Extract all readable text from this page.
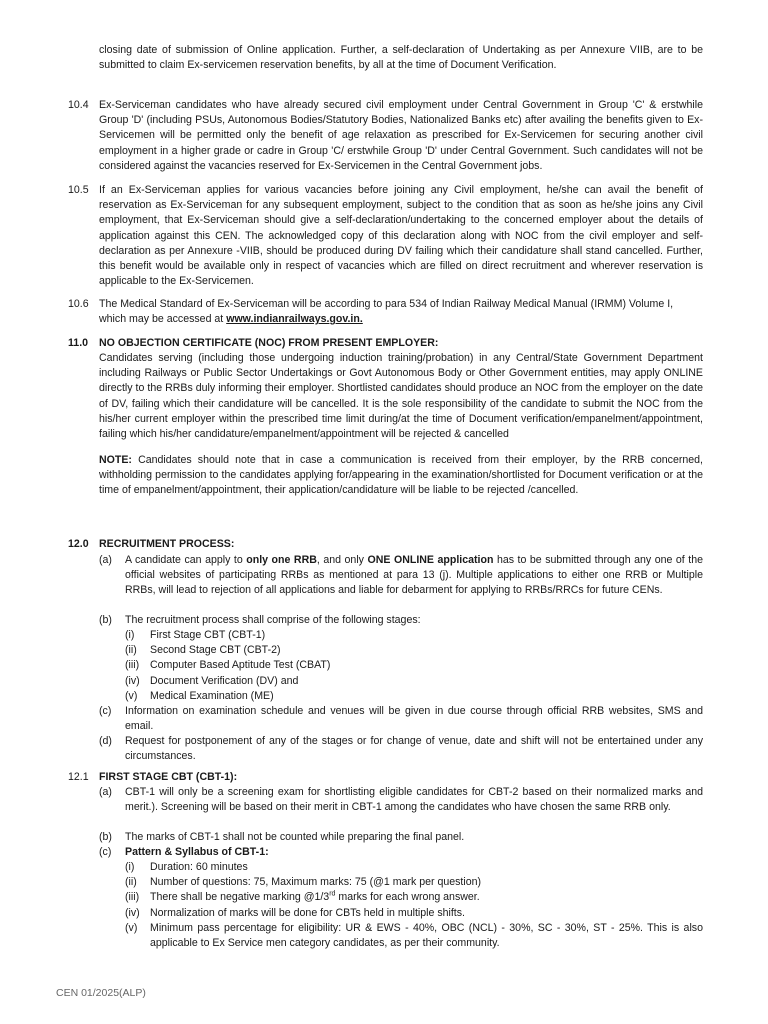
closing date of submission of Online application. Further, a self-declaration of Undertaking as per Annexure VIIB, are to be submitted to claim Ex-servicemen reservation benefits, by all at the time of Document Verification.
10.4 Ex-Serviceman candidates who have already secured civil employment under Central Government in Group 'C' & erstwhile Group 'D' (including PSUs, Autonomous Bodies/Statutory Bodies, Nationalized Banks etc) after availing the benefits given to Ex-Servicemen will be permitted only the benefit of age relaxation as prescribed for Ex-Servicemen for securing another civil employment in a higher grade or cadre in Group 'C/ erstwhile Group 'D' under Central Government. Such candidates will not be considered against the vacancies reserved for Ex-Servicemen in the Central Government jobs.
10.5 If an Ex-Serviceman applies for various vacancies before joining any Civil employment, he/she can avail the benefit of reservation as Ex-Serviceman for any subsequent employment, subject to the condition that as soon as he/she joins any Civil employment, that Ex-Serviceman should give a self-declaration/undertaking to the concerned employer about the details of application against this CEN. The acknowledged copy of this declaration along with NOC from the civil employer and self-declaration as per Annexure -VIIB, should be produced during DV failing which their candidature shall stand cancelled. Further, this benefit would be available only in respect of vacancies which are filled on direct recruitment and wherever reservation is applicable to the Ex-Servicemen.
10.6 The Medical Standard of Ex-Serviceman will be according to para 534 of Indian Railway Medical Manual (IRMM) Volume I, which may be accessed at www.indianrailways.gov.in.
11.0 NO OBJECTION CERTIFICATE (NOC) FROM PRESENT EMPLOYER:
Candidates serving (including those undergoing induction training/probation) in any Central/State Government Department including Railways or Public Sector Undertakings or Govt Autonomous Body or Other Government entities, may apply ONLINE directly to the RRBs duly informing their employer. Shortlisted candidates should produce an NOC from the employer on the date of DV, failing which their candidature will be cancelled. It is the sole responsibility of the candidate to submit the NOC from the his/her current employer within the prescribed time limit during/at the time of Document verification/empanelment/appointment, failing which his/her candidature/empanelment/appointment will be rejected & cancelled
NOTE: Candidates should note that in case a communication is received from their employer, by the RRB concerned, withholding permission to the candidates applying for/appearing in the examination/shortlisted for Document verification or at the time of empanelment/appointment, their application/candidature will be liable to be rejected /cancelled.
12.0 RECRUITMENT PROCESS:
(a) A candidate can apply to only one RRB, and only ONE ONLINE application has to be submitted through any one of the official websites of participating RRBs as mentioned at para 13 (j). Multiple applications to either one RRB or Multiple RRBs, will lead to rejection of all applications and liable for debarment for applying to RRBs/RRCs for future CENs.
(b) The recruitment process shall comprise of the following stages:
(i) First Stage CBT (CBT-1)
(ii) Second Stage CBT (CBT-2)
(iii) Computer Based Aptitude Test (CBAT)
(iv) Document Verification (DV) and
(v) Medical Examination (ME)
(c) Information on examination schedule and venues will be given in due course through official RRB websites, SMS and email.
(d) Request for postponement of any of the stages or for change of venue, date and shift will not be entertained under any circumstances.
12.1 FIRST STAGE CBT (CBT-1):
(a) CBT-1 will only be a screening exam for shortlisting eligible candidates for CBT-2 based on their normalized marks and merit.). Screening will be based on their merit in CBT-1 among the candidates who have chosen the same RRB only.
(b) The marks of CBT-1 shall not be counted while preparing the final panel.
(c) Pattern & Syllabus of CBT-1:
(i) Duration: 60 minutes
(ii) Number of questions: 75, Maximum marks: 75 (@1 mark per question)
(iii) There shall be negative marking @1/3rd marks for each wrong answer.
(iv) Normalization of marks will be done for CBTs held in multiple shifts.
(v) Minimum pass percentage for eligibility: UR & EWS - 40%, OBC (NCL) - 30%, SC - 30%, ST - 25%. This is also applicable to Ex Service men category candidates, as per their community.
CEN 01/2025(ALP)
